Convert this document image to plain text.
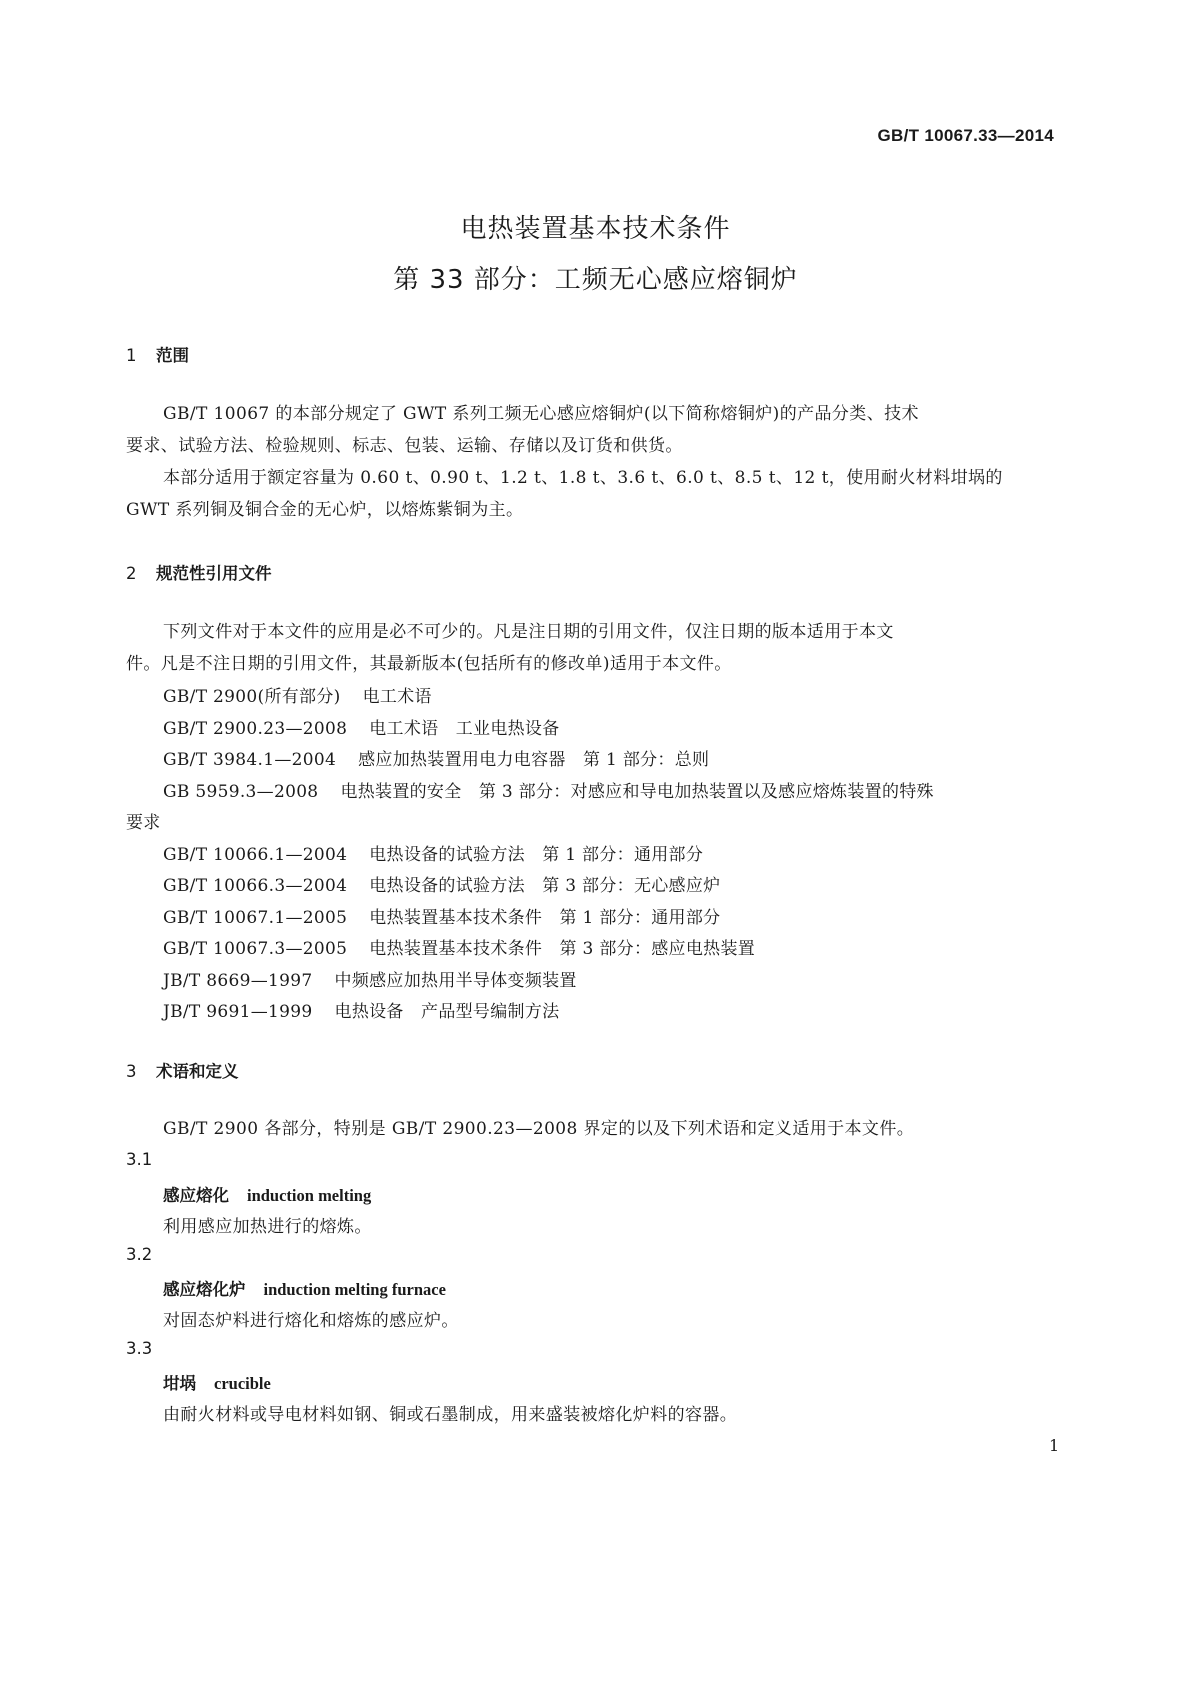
GB/T 10067.33—2014
电热装置基本技术条件
第 33 部分：工频无心感应熔铜炉
1 范围
GB/T 10067 的本部分规定了 GWT 系列工频无心感应熔铜炉(以下简称熔铜炉)的产品分类、技术
要求、试验方法、检验规则、标志、包装、运输、存储以及订货和供货。
本部分适用于额定容量为 0.60 t、0.90 t、1.2 t、1.8 t、3.6 t、6.0 t、8.5 t、12 t，使用耐火材料坩埚的
GWT 系列铜及铜合金的无心炉，以熔炼紫铜为主。
2 规范性引用文件
下列文件对于本文件的应用是必不可少的。凡是注日期的引用文件，仅注日期的版本适用于本文
件。凡是不注日期的引用文件，其最新版本(包括所有的修改单)适用于本文件。
GB/T 2900(所有部分) 电工术语
GB/T 2900.23—2008 电工术语　工业电热设备
GB/T 3984.1—2004 感应加热装置用电力电容器　第 1 部分：总则
GB 5959.3—2008 电热装置的安全　第 3 部分：对感应和导电加热装置以及感应熔炼装置的特殊
要求
GB/T 10066.1—2004 电热设备的试验方法　第 1 部分：通用部分
GB/T 10066.3—2004 电热设备的试验方法　第 3 部分：无心感应炉
GB/T 10067.1—2005 电热装置基本技术条件　第 1 部分：通用部分
GB/T 10067.3—2005 电热装置基本技术条件　第 3 部分：感应电热装置
JB/T 8669—1997 中频感应加热用半导体变频装置
JB/T 9691—1999 电热设备　产品型号编制方法
3 术语和定义
GB/T 2900 各部分，特别是 GB/T 2900.23—2008 界定的以及下列术语和定义适用于本文件。
3.1
感应熔化 induction melting
利用感应加热进行的熔炼。
3.2
感应熔化炉 induction melting furnace
对固态炉料进行熔化和熔炼的感应炉。
3.3
坩埚 crucible
由耐火材料或导电材料如钢、铜或石墨制成，用来盛装被熔化炉料的容器。
1
